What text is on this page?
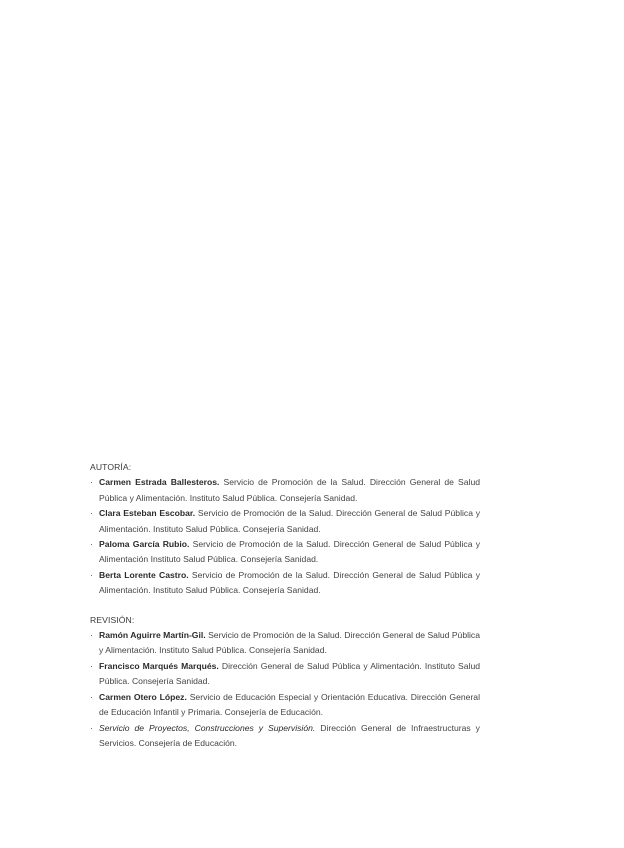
AUTORÍA:
· Carmen Estrada Ballesteros. Servicio de Promoción de la Salud. Dirección General de Salud Pública y Alimentación. Instituto Salud Pública. Consejería Sanidad.
· Clara Esteban Escobar. Servicio de Promoción de la Salud. Dirección General de Salud Pública y Alimentación. Instituto Salud Pública. Consejería Sanidad.
· Paloma García Rubio. Servicio de Promoción de la Salud. Dirección General de Salud Pública y Alimentación Instituto Salud Pública. Consejería Sanidad.
· Berta Lorente Castro. Servicio de Promoción de la Salud. Dirección General de Salud Pública y Alimentación. Instituto Salud Pública. Consejería Sanidad.
REVISIÓN:
· Ramón Aguirre Martín-Gil. Servicio de Promoción de la Salud. Dirección General de Salud Pública y Alimentación. Instituto Salud Pública. Consejería Sanidad.
· Francisco Marqués Marqués. Dirección General de Salud Pública y Alimentación. Instituto Salud Pública. Consejería Sanidad.
· Carmen Otero López. Servicio de Educación Especial y Orientación Educativa. Dirección General de Educación Infantil y Primaria. Consejería de Educación.
· Servicio de Proyectos, Construcciones y Supervisión. Dirección General de Infraestructuras y Servicios. Consejería de Educación.
